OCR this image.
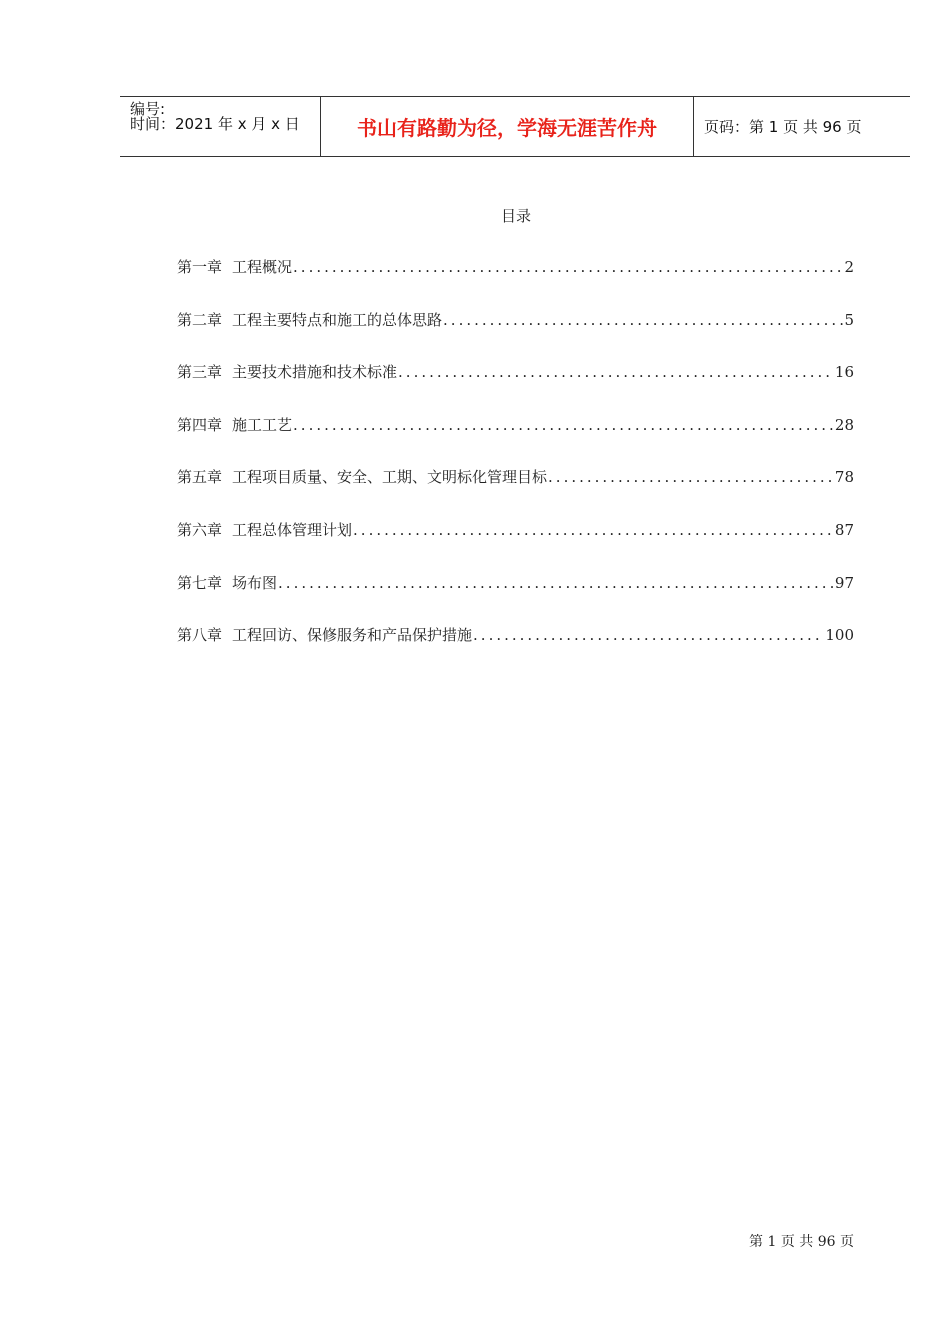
编号:
时间：2021 年 x 月 x 日	书山有路勤为径，学海无涯苦作舟	页码：第 1 页 共 96 页
目录
第一章 工程概况 .....	2
第二章 工程主要特点和施工的总体思路 .....	5
第三章 主要技术措施和技术标准 .....	16
第四章 施工工艺 .....	28
第五章 工程项目质量、安全、工期、文明标化管理目标 .....	78
第六章 工程总体管理计划 .....	87
第七章 场布图 .....	97
第八章 工程回访、保修服务和产品保护措施 .....	100
第 1 页 共 96 页
